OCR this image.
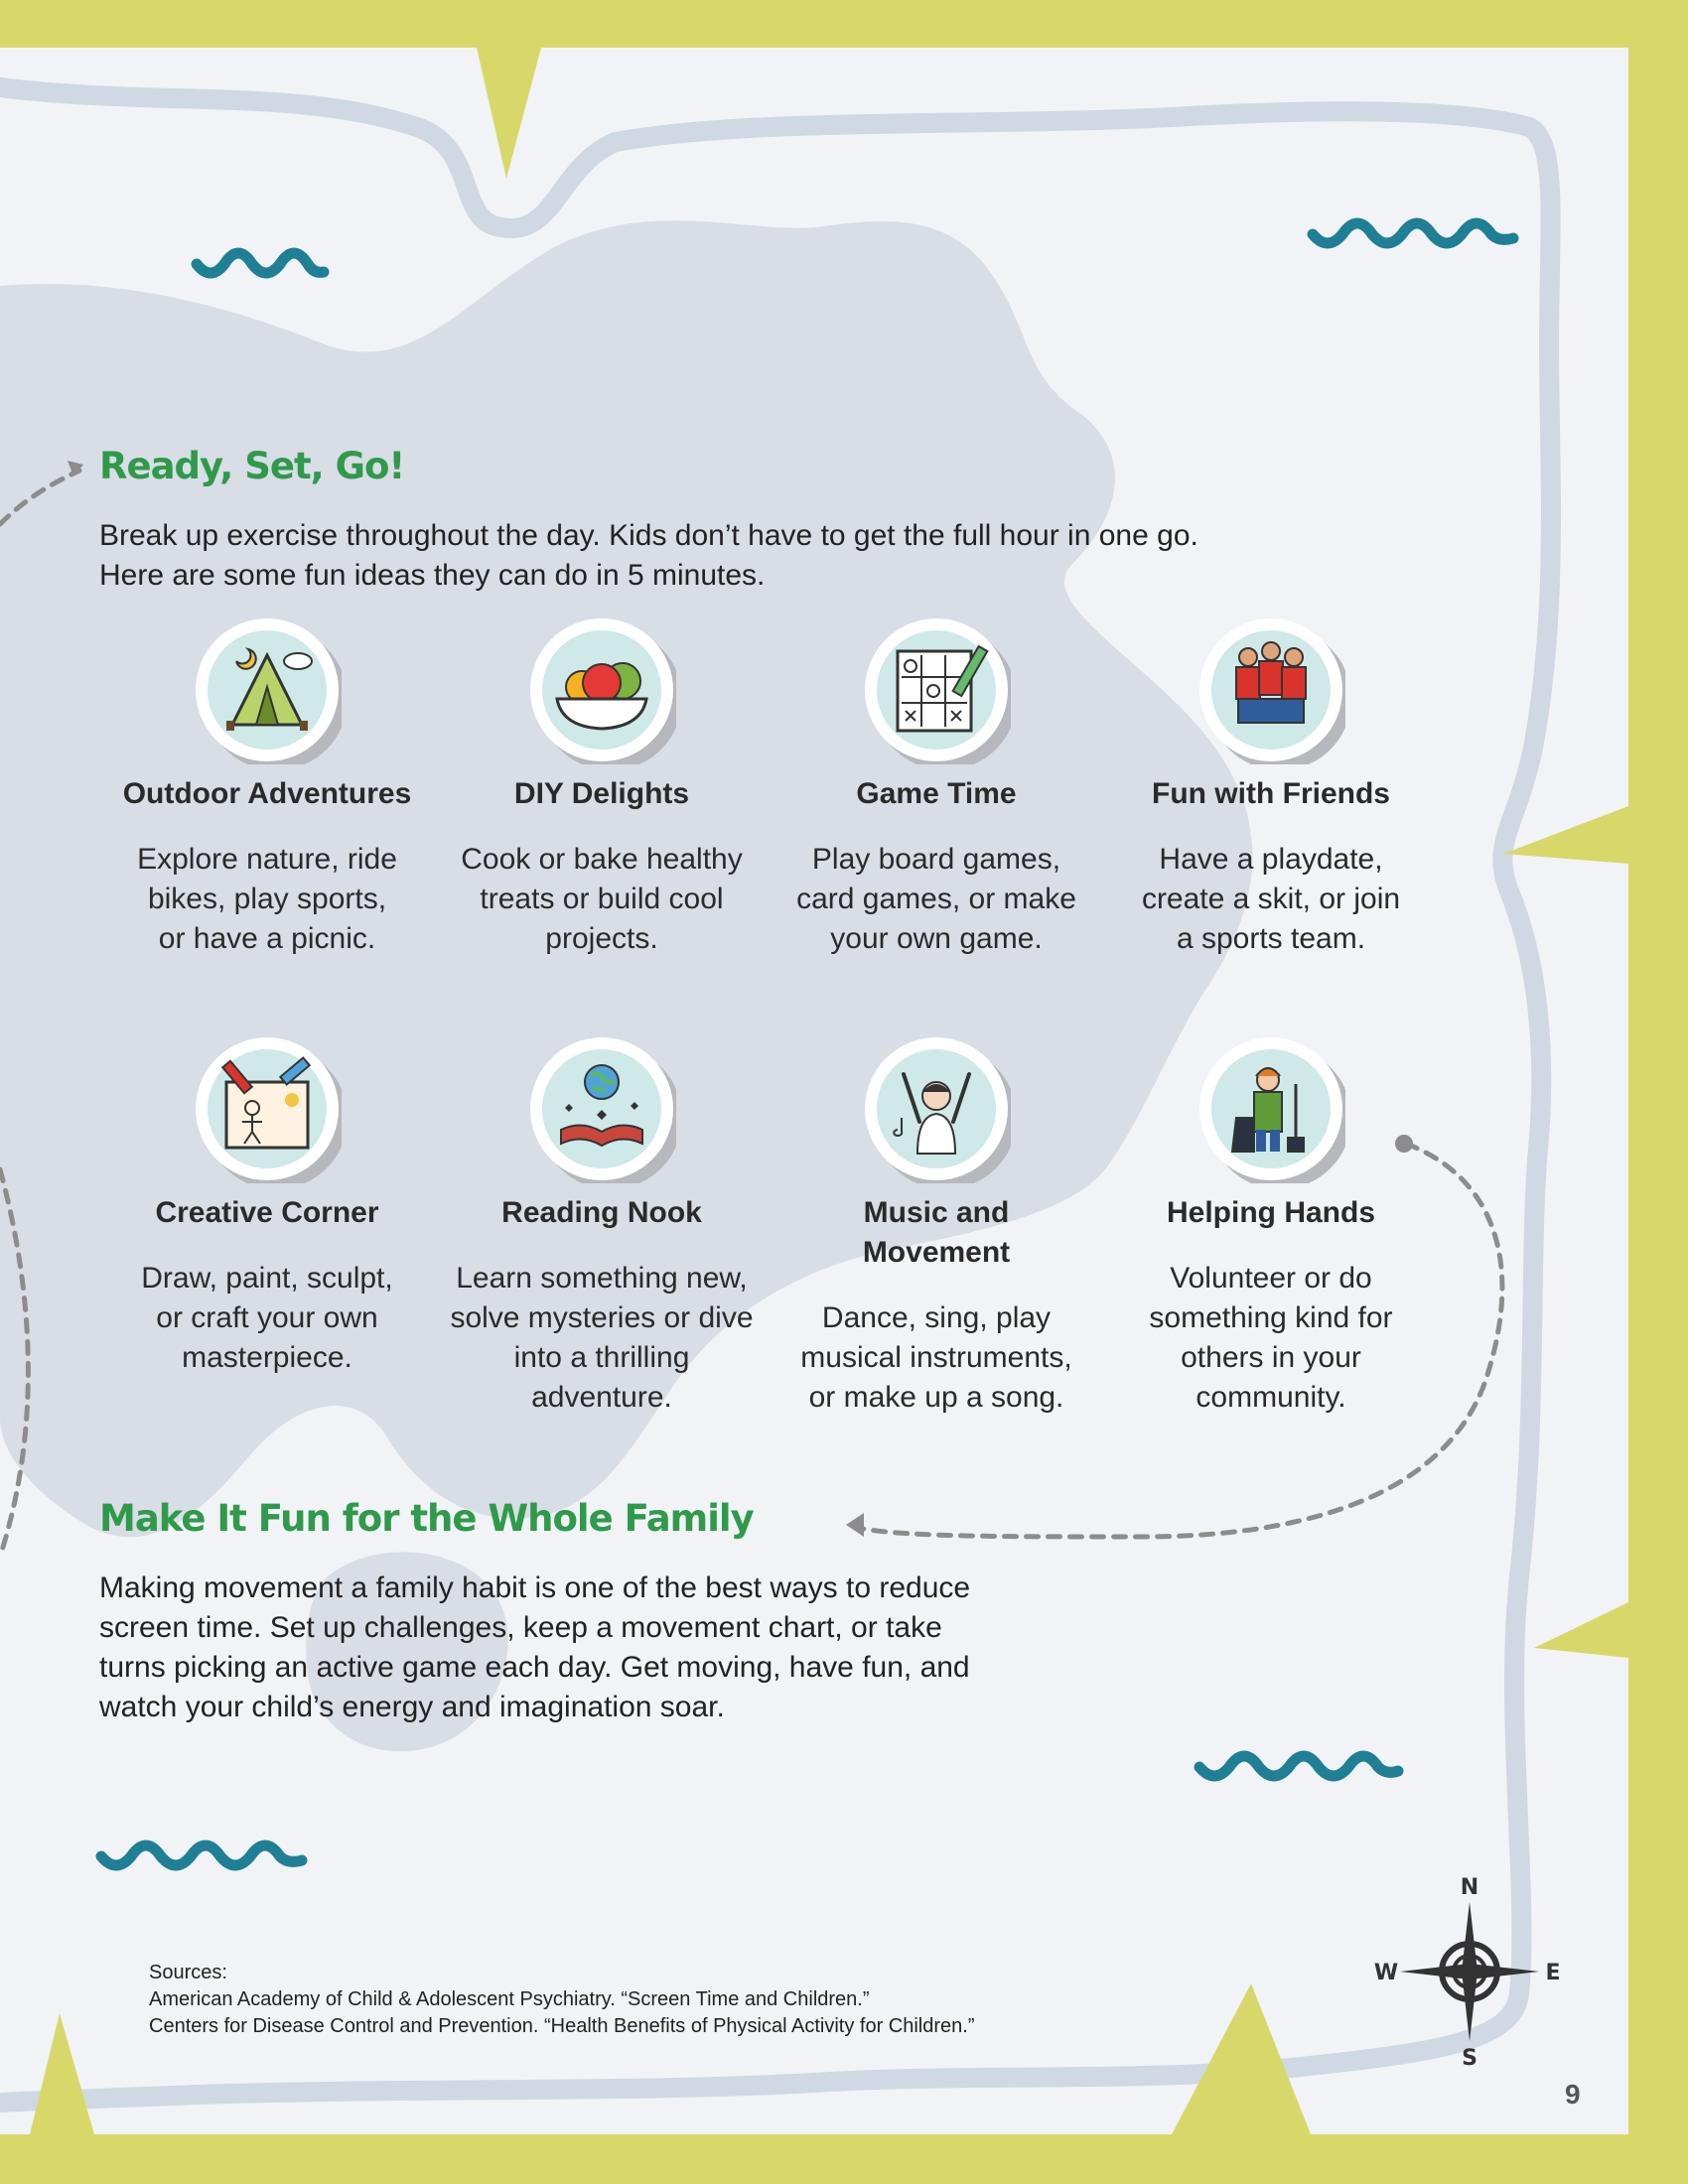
Ready, Set, Go!

Break up exercise throughout the day. Kids don’t have to get the full hour in one go.

Here are some fun ideas they can do in 5 minutes.

Outdoor Adventures
Explore nature, ride
bikes, play sports,
or have a picnic.
DIY Delights
Cook or bake healthy
treats or build cool
projects.
Game Time
Play board games,
card games, or make
your own game.
Fun with Friends
Have a playdate,
create a skit, or join
a sports team.
Creative Corner
Draw, paint, sculpt,
or craft your own
masterpiece.
Reading Nook
Learn something new,
solve mysteries or dive
into a thrilling
adventure.
Music and
Movement
Dance, sing, play
musical instruments,
or make up a song.
Helping Hands
Volunteer or do
something kind for
others in your
community.
Make It Fun for the Whole Family

Making movement a family habit is one of the best ways to reduce

screen time. Set up challenges, keep a movement chart, or take

turns picking an active game each day. Get moving, have fun, and

watch your child’s energy and imagination soar.

Sources:
American Academy of Child & Adolescent Psychiatry. “Screen Time and Children.”
Centers for Disease Control and Prevention. “Health Benefits of Physical Activity for Children.”
N
E
S
W
9
